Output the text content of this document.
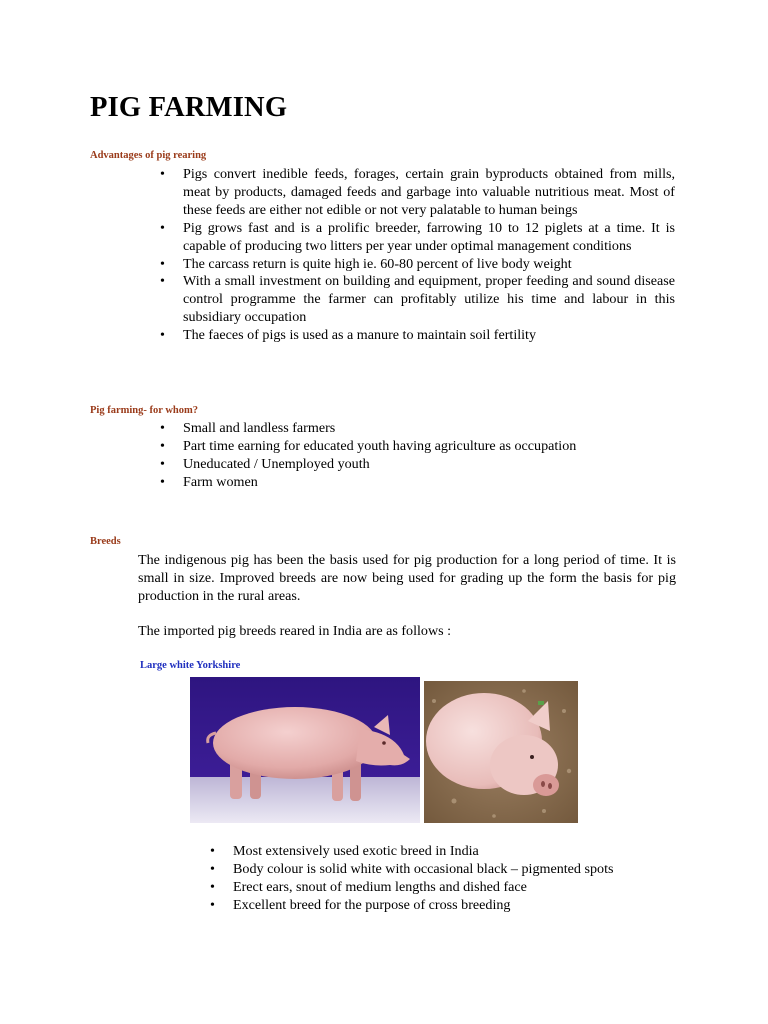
PIG FARMING
Advantages of pig rearing
• Pigs convert inedible feeds, forages, certain grain byproducts obtained from mills, meat by products, damaged feeds and garbage into valuable nutritious meat. Most of these feeds are either not edible or not very palatable to human beings
• Pig grows fast and is a prolific breeder, farrowing 10 to 12 piglets at a time. It is capable of producing two litters per year under optimal management conditions
• The carcass return is quite high ie. 60-80 percent of live body weight
• With a small investment on building and equipment, proper feeding and sound disease control programme the farmer can profitably utilize his time and labour in this subsidiary occupation
• The faeces of pigs is used as a manure to maintain soil fertility
Pig farming- for whom?
• Small and landless farmers
• Part time earning for educated youth having agriculture as occupation
• Uneducated / Unemployed youth
• Farm women
Breeds

The indigenous pig has been the basis used for pig production for a long period of time. It is small in size. Improved breeds are now being used for grading up the form the basis for pig production in the rural areas.

The imported pig breeds reared in India are as follows :

Large white Yorkshire
• Most extensively used exotic breed in India
• Body colour is solid white with occasional black – pigmented spots
• Erect ears, snout of medium lengths and dished face
• Excellent breed for the purpose of cross breeding
